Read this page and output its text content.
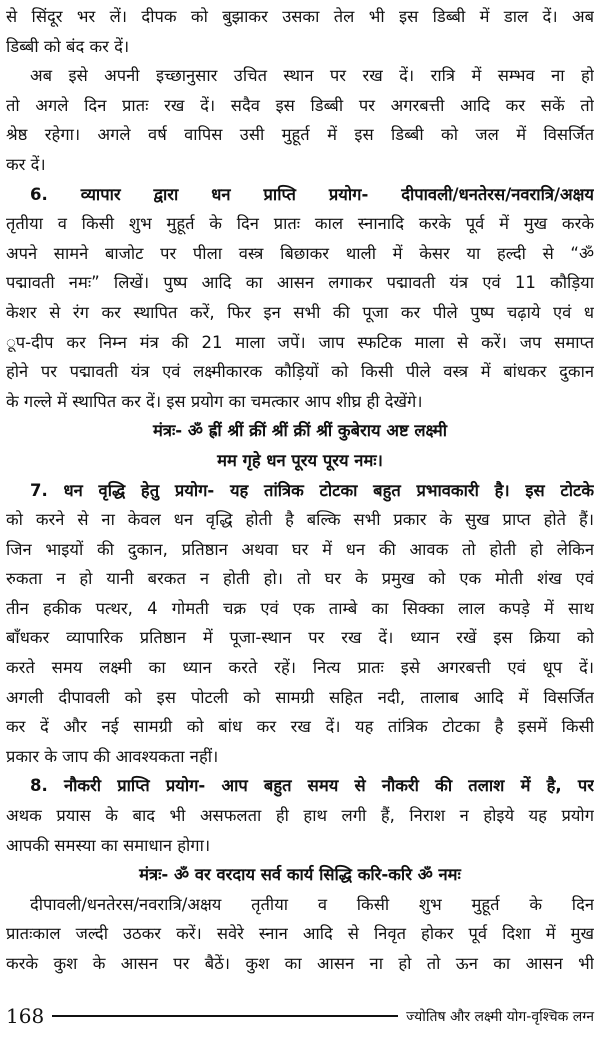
से सिंदूर भर लें। दीपक को बुझाकर उसका तेल भी इस डिब्बी में डाल दें। अब
डिब्बी को बंद कर दें।
अब इसे अपनी इच्छानुसार उचित स्थान पर रख दें। रात्रि में सम्भव ना हो
तो अगले दिन प्रातः रख दें। सदैव इस डिब्बी पर अगरबत्ती आदि कर सकें तो
श्रेष्ठ रहेगा। अगले वर्ष वापिस उसी मुहूर्त में इस डिब्बी को जल में विसर्जित
कर दें।
6. व्यापार द्वारा धन प्राप्ति प्रयोग- दीपावली/धनतेरस/नवरात्रि/अक्षय
तृतीया व किसी शुभ मुहूर्त के दिन प्रातः काल स्नानादि करके पूर्व में मुख करके
अपने सामने बाजोट पर पीला वस्त्र बिछाकर थाली में केसर या हल्दी से “ॐ
पद्मावती नमः” लिखें। पुष्प आदि का आसन लगाकर पद्मावती यंत्र एवं 11 कौड़िया
केशर से रंग कर स्थापित करें, फिर इन सभी की पूजा कर पीले पुष्प चढ़ाये एवं ध
ूप-दीप कर निम्न मंत्र की 21 माला जपें। जाप स्फटिक माला से करें। जप समाप्त
होने पर पद्मावती यंत्र एवं लक्ष्मीकारक कौड़ियों को किसी पीले वस्त्र में बांधकर दुकान
के गल्ले में स्थापित कर दें। इस प्रयोग का चमत्कार आप शीघ्र ही देखेंगे।
मंत्रः- ॐ ह्रीं श्रीं क्रीं श्रीं क्रीं श्रीं कुबेराय अष्ट लक्ष्मी
मम गृहे धन पूरय पूरय नमः।
7. धन वृद्धि हेतु प्रयोग- यह तांत्रिक टोटका बहुत प्रभावकारी है। इस टोटके
को करने से ना केवल धन वृद्धि होती है बल्कि सभी प्रकार के सुख प्राप्त होते हैं।
जिन भाइयों की दुकान, प्रतिष्ठान अथवा घर में धन की आवक तो होती हो लेकिन
रुकता न हो यानी बरकत न होती हो। तो घर के प्रमुख को एक मोती शंख एवं
तीन हकीक पत्थर, 4 गोमती चक्र एवं एक ताम्बे का सिक्का लाल कपड़े में साथ
बाँधकर व्यापारिक प्रतिष्ठान में पूजा-स्थान पर रख दें। ध्यान रखें इस क्रिया को
करते समय लक्ष्मी का ध्यान करते रहें। नित्य प्रातः इसे अगरबत्ती एवं धूप दें।
अगली दीपावली को इस पोटली को सामग्री सहित नदी, तालाब आदि में विसर्जित
कर दें और नई सामग्री को बांध कर रख दें। यह तांत्रिक टोटका है इसमें किसी
प्रकार के जाप की आवश्यकता नहीं।
8. नौकरी प्राप्ति प्रयोग- आप बहुत समय से नौकरी की तलाश में है, पर
अथक प्रयास के बाद भी असफलता ही हाथ लगी हैं, निराश न होइये यह प्रयोग
आपकी समस्या का समाधान होगा।
मंत्रः- ॐ वर वरदाय सर्व कार्य सिद्धि करि-करि ॐ नमः
दीपावली/धनतेरस/नवरात्रि/अक्षय तृतीया व किसी शुभ मुहूर्त के दिन
प्रातःकाल जल्दी उठकर करें। सवेरे स्नान आदि से निवृत होकर पूर्व दिशा में मुख
करके कुश के आसन पर बैठें। कुश का आसन ना हो तो ऊन का आसन भी
168	ज्योतिष और लक्ष्मी योग-वृश्चिक लग्न
